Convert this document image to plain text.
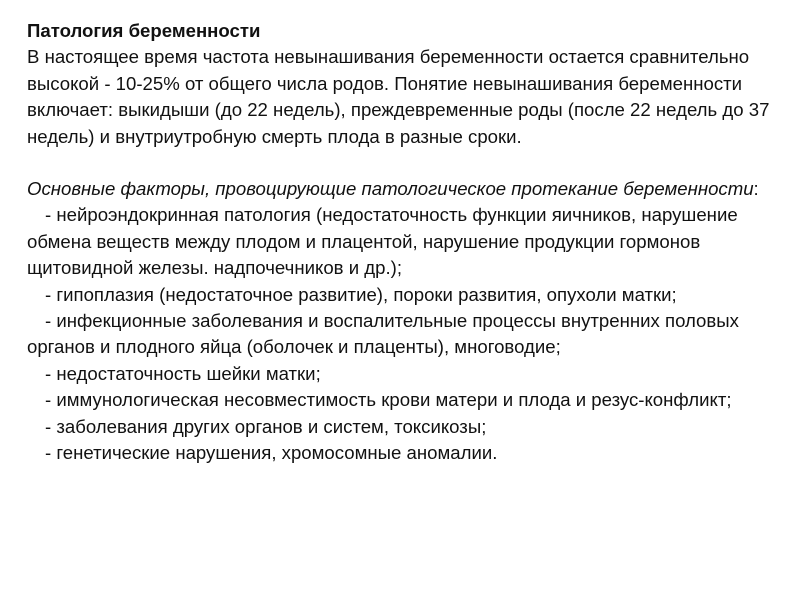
Патология беременности

В настоящее время частота невынашивания беременности остается сравнительно высокой - 10-25% от общего числа родов. Понятие невынашивания беременности включает: выкидыши (до 22 недель), преждевременные роды (после 22 недель до 37 недель) и внутриутробную смерть плода в разные сроки.

Основные факторы, провоцирующие патологическое протекание беременности:

- нейроэндокринная патология (недостаточность функции яичников, нарушение обмена веществ между плодом и плацентой, нарушение продукции гормонов щитовидной железы. надпочечников и др.);

- гипоплазия (недостаточное развитие), пороки развития, опухоли матки;

- инфекционные заболевания и воспалительные процессы внутренних половых органов и плодного яйца (оболочек и плаценты), многоводие;

- недостаточность шейки матки;

- иммунологическая несовместимость крови матери и плода и резус-конфликт;

- заболевания других органов и систем, токсикозы;

- генетические нарушения, хромосомные аномалии.
